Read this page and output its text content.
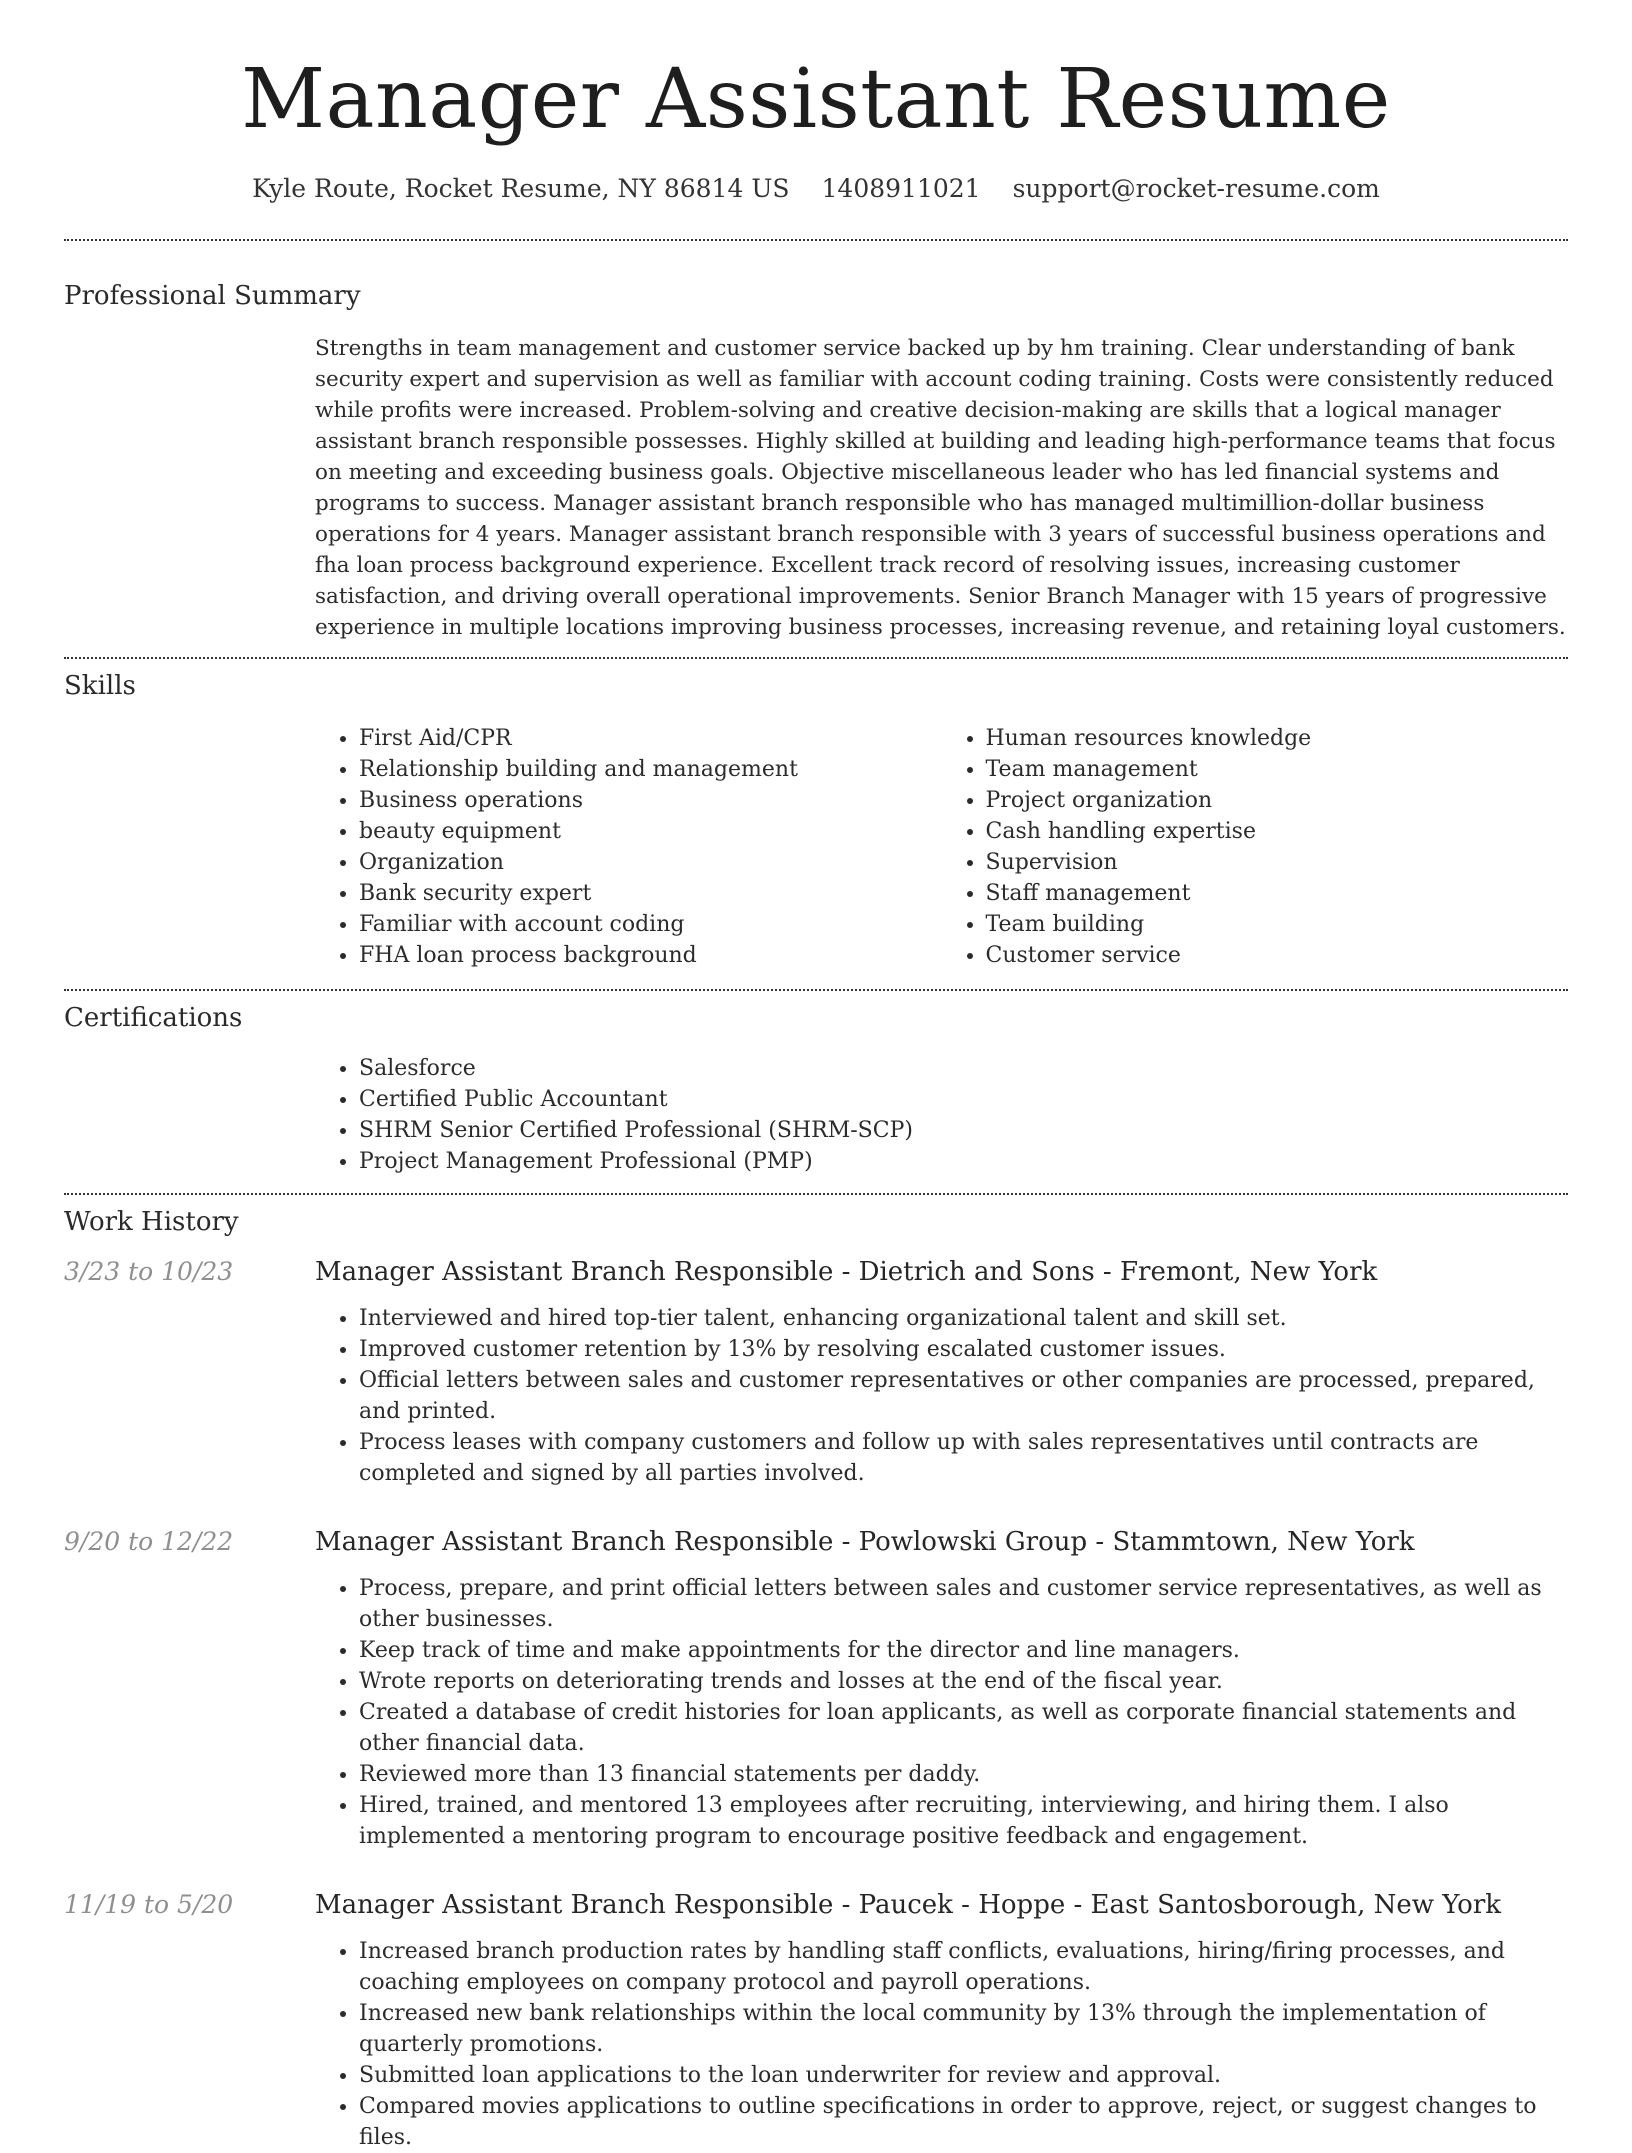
Manager Assistant Resume
Kyle Route, Rocket Resume, NY 86814 US 1408911021 support@rocket-resume.com
Professional Summary

Strengths in team management and customer service backed up by hm training. Clear understanding of bank security expert and supervision as well as familiar with account coding training. Costs were consistently reduced while profits were increased. Problem-solving and creative decision-making are skills that a logical manager assistant branch responsible possesses. Highly skilled at building and leading high-performance teams that focus on meeting and exceeding business goals. Objective miscellaneous leader who has led financial systems and programs to success. Manager assistant branch responsible who has managed multimillion-dollar business operations for 4 years. Manager assistant branch responsible with 3 years of successful business operations and fha loan process background experience. Excellent track record of resolving issues, increasing customer satisfaction, and driving overall operational improvements. Senior Branch Manager with 15 years of progressive experience in multiple locations improving business processes, increasing revenue, and retaining loyal customers.

Skills
• First Aid/CPR
• Relationship building and management
• Business operations
• beauty equipment
• Organization
• Bank security expert
• Familiar with account coding
• FHA loan process background
• Human resources knowledge
• Team management
• Project organization
• Cash handling expertise
• Supervision
• Staff management
• Team building
• Customer service
Certifications
• Salesforce
• Certified Public Accountant
• SHRM Senior Certified Professional (SHRM-SCP)
• Project Management Professional (PMP)
Work History
3/23 to 10/23	Manager Assistant Branch Responsible - Dietrich and Sons - Fremont, New York
• Interviewed and hired top-tier talent, enhancing organizational talent and skill set.
• Improved customer retention by 13% by resolving escalated customer issues.
• Official letters between sales and customer representatives or other companies are processed, prepared, and printed.
• Process leases with company customers and follow up with sales representatives until contracts are completed and signed by all parties involved.
9/20 to 12/22	Manager Assistant Branch Responsible - Powlowski Group - Stammtown, New York
• Process, prepare, and print official letters between sales and customer service representatives, as well as other businesses.
• Keep track of time and make appointments for the director and line managers.
• Wrote reports on deteriorating trends and losses at the end of the fiscal year.
• Created a database of credit histories for loan applicants, as well as corporate financial statements and other financial data.
• Reviewed more than 13 financial statements per daddy.
• Hired, trained, and mentored 13 employees after recruiting, interviewing, and hiring them. I also implemented a mentoring program to encourage positive feedback and engagement.
11/19 to 5/20	Manager Assistant Branch Responsible - Paucek - Hoppe - East Santosborough, New York
• Increased branch production rates by handling staff conflicts, evaluations, hiring/firing processes, and coaching employees on company protocol and payroll operations.
• Increased new bank relationships within the local community by 13% through the implementation of quarterly promotions.
• Submitted loan applications to the loan underwriter for review and approval.
• Compared movies applications to outline specifications in order to approve, reject, or suggest changes to files.
